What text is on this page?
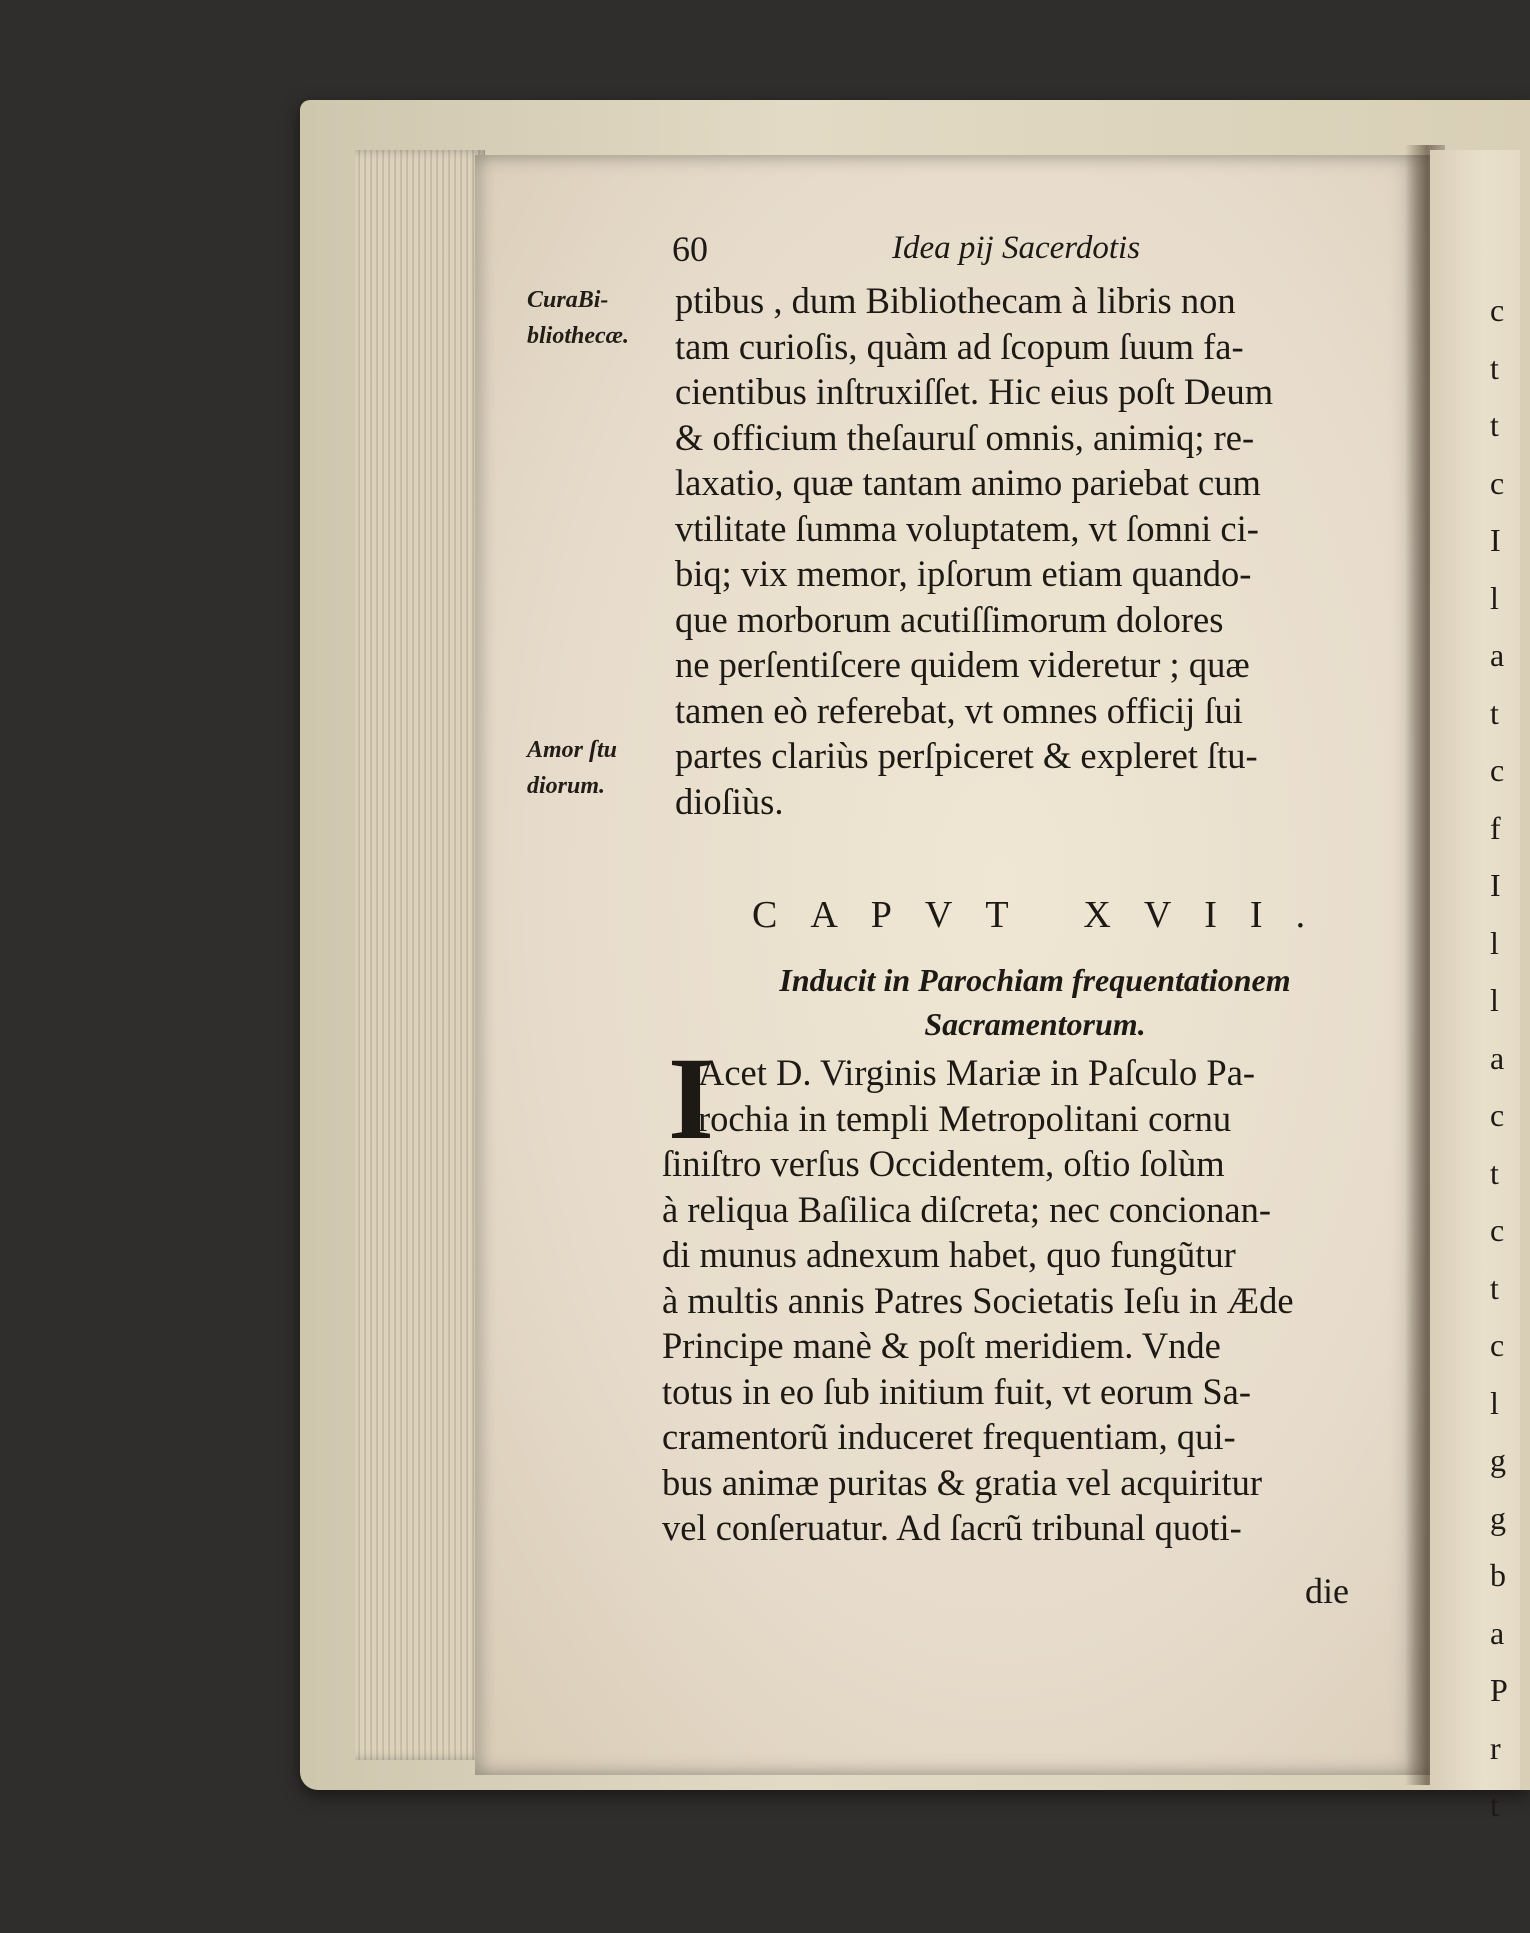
60	Idea pij Sacerdotis
CuraBi-
bliothecæ.
Amor ſtu
diorum.
ptibus , dum Bibliothecam à libris non
tam curioſis, quàm ad ſcopum ſuum fa-
cientibus inſtruxiſſet. Hic eius poſt Deum
& officium theſauruſ omnis, animiq; re-
laxatio, quæ tantam animo pariebat cum
vtilitate ſumma voluptatem, vt ſomni ci-
biq; vix memor, ipſorum etiam quando-
que morborum acutiſſimorum dolores
ne perſentiſcere quidem videretur ; quæ
tamen eò referebat, vt omnes officij ſui
partes clariùs perſpiceret & expleret ſtu-
dioſiùs.
CAPVT XVII.
Inducit in Parochiam frequentationem
Sacramentorum.
I
Acet D. Virginis Mariæ in Paſculo Pa-
rochia in templi Metropolitani cornu
ſiniſtro verſus Occidentem, oſtio ſolùm
à reliqua Baſilica diſcreta; nec concionan-
di munus adnexum habet, quo fungũtur
à multis annis Patres Societatis Ieſu in Æde
Principe manè & poſt meridiem. Vnde
totus in eo ſub initium fuit, vt eorum Sa-
cramentorũ induceret frequentiam, qui-
bus animæ puritas & gratia vel acquiritur
vel conſeruatur. Ad ſacrũ tribunal quoti-
die
c
t
t
c
I
l
a
t
c
f
I
l
l
a
c
t
c
t
c
l
g
g
b
a
P
r
t
